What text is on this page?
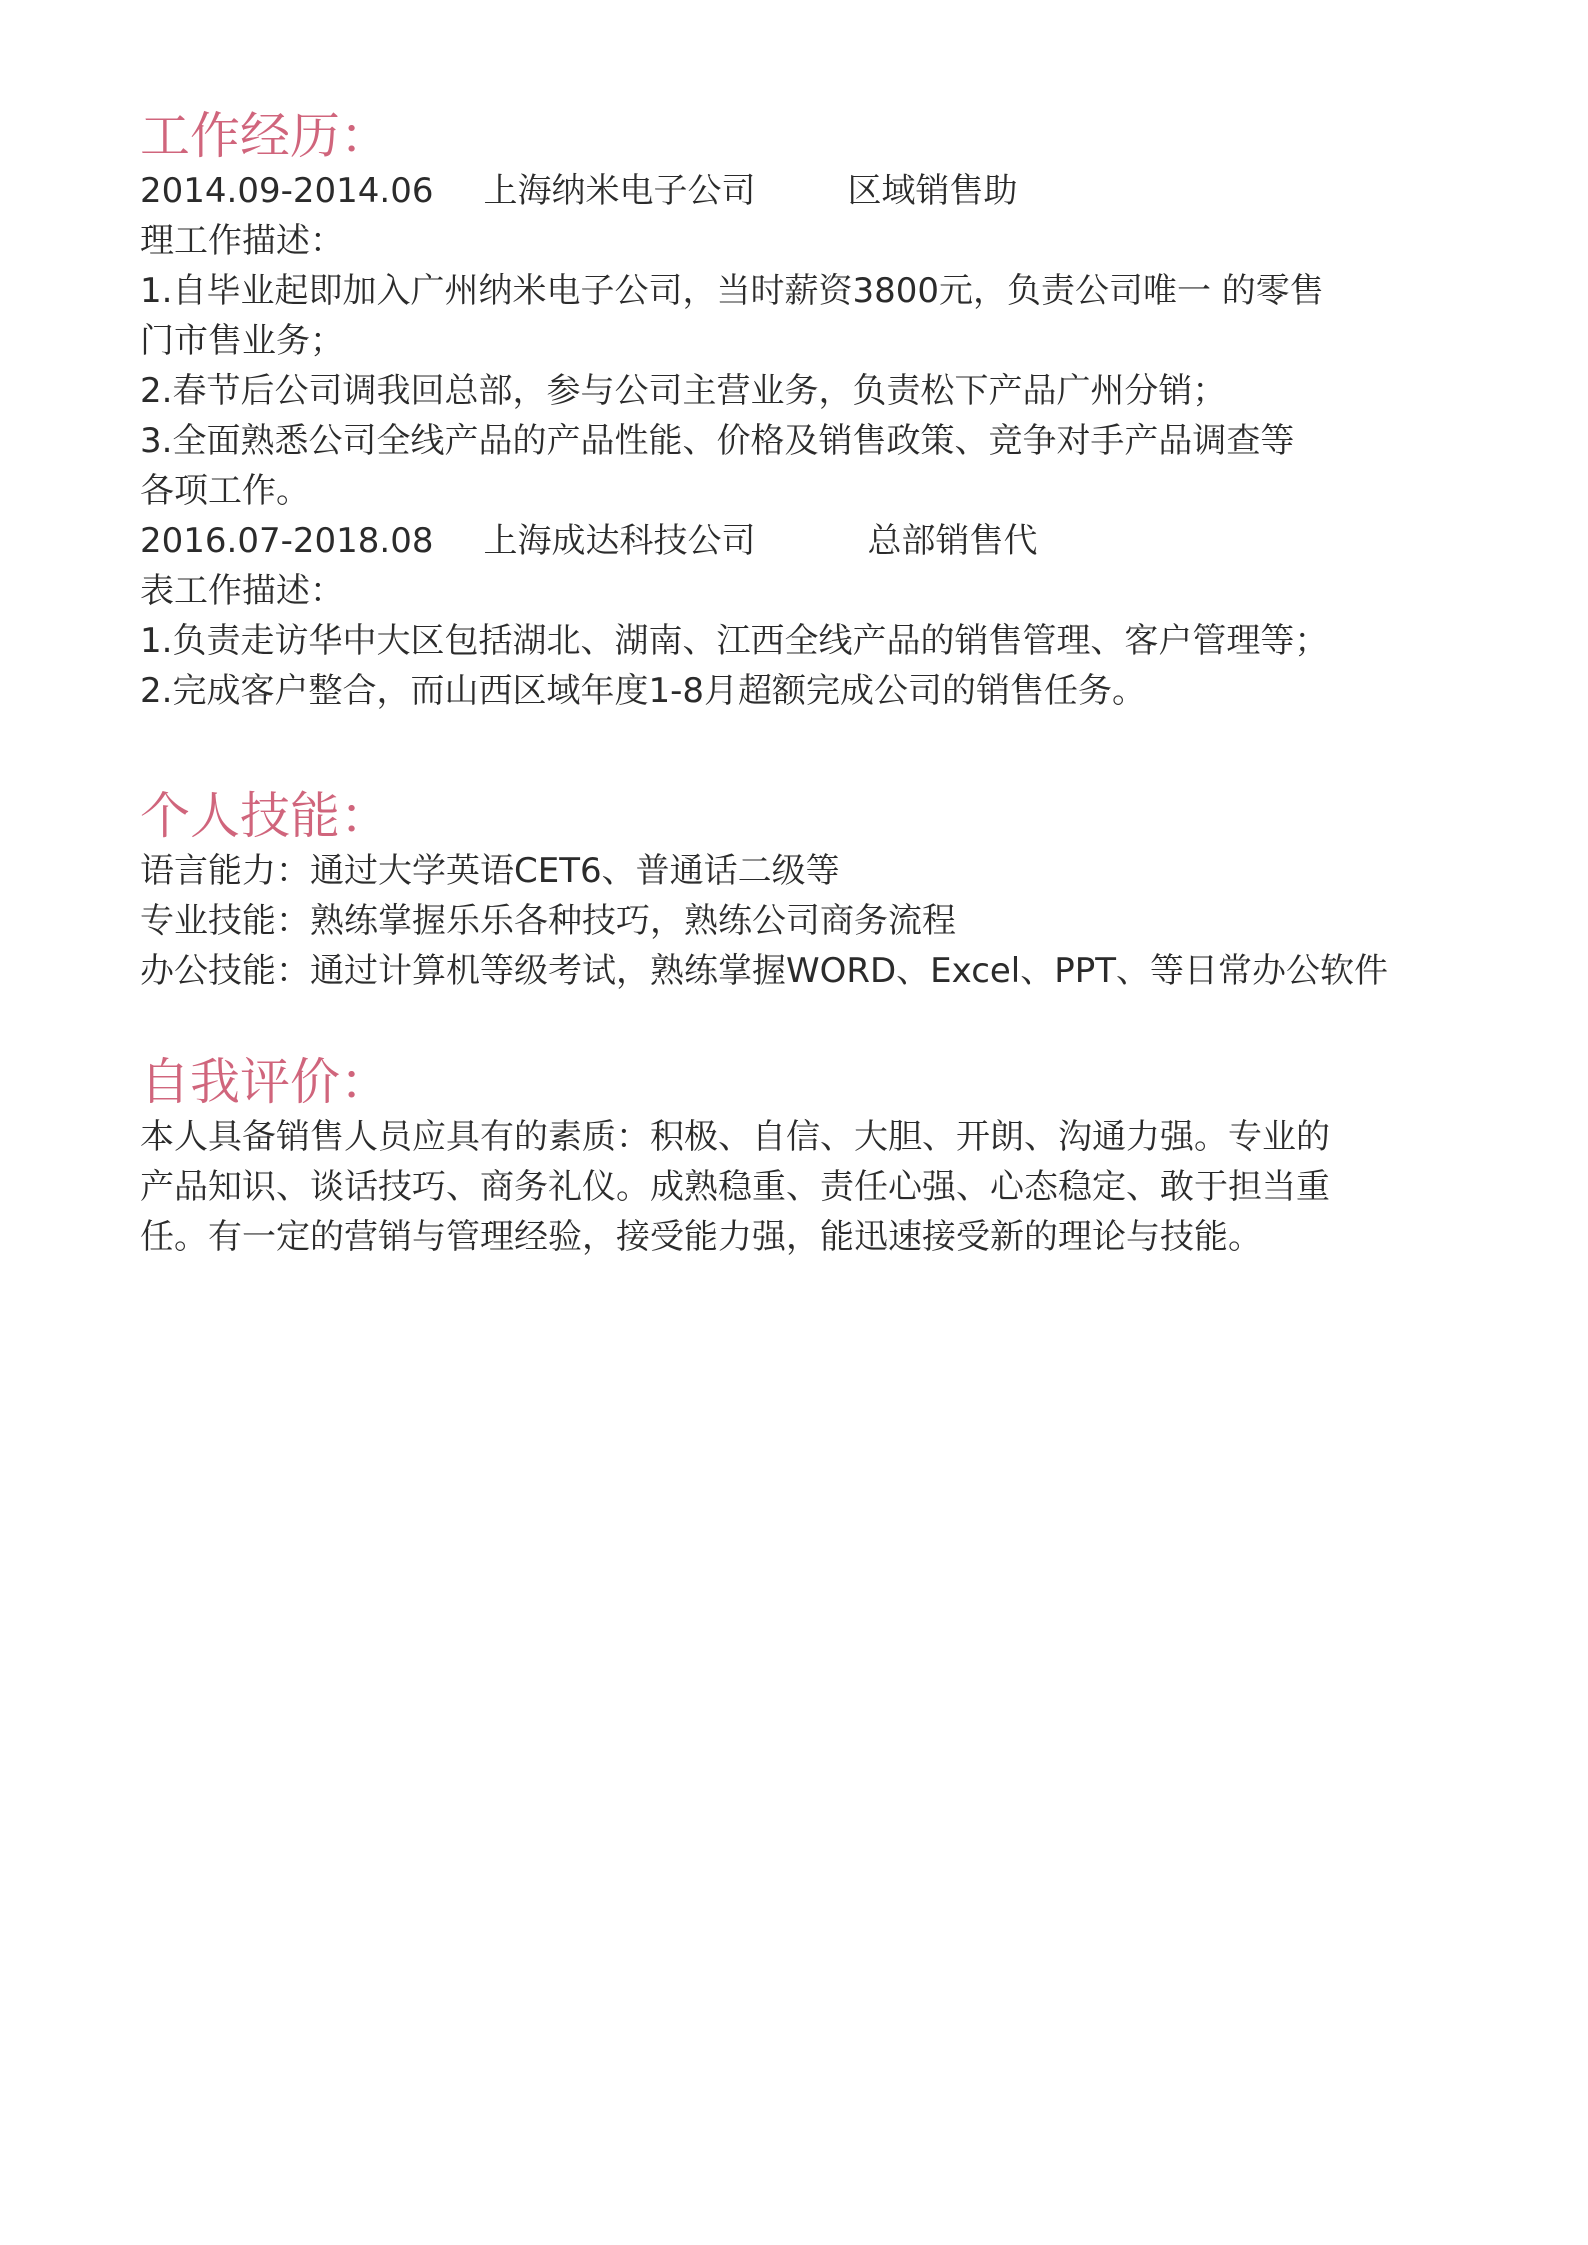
工作经历：

2014.09-2014.06 上海纳米电子公司	区域销售助

理工作描述：

1.自毕业起即加入广州纳米电子公司，当时薪资3800元，负责公司唯一 的零售

门市售业务；

2.春节后公司调我回总部，参与公司主营业务，负责松下产品广州分销；

3.全面熟悉公司全线产品的产品性能、价格及销售政策、竞争对手产品调查等

各项工作。

2016.07-2018.08 上海成达科技公司	总部销售代

表工作描述：

1.负责走访华中大区包括湖北、湖南、江西全线产品的销售管理、客户管理等；

2.完成客户整合，而山西区域年度1-8月超额完成公司的销售任务。

个人技能：

语言能力：通过大学英语CET6、普通话二级等

专业技能：熟练掌握乐乐各种技巧，熟练公司商务流程

办公技能：通过计算机等级考试，熟练掌握WORD、Excel、PPT、等日常办公软件

自我评价：

本人具备销售人员应具有的素质：积极、自信、大胆、开朗、沟通力强。专业的

产品知识、谈话技巧、商务礼仪。成熟稳重、责任心强、心态稳定、敢于担当重

任。有一定的营销与管理经验，接受能力强，能迅速接受新的理论与技能。
